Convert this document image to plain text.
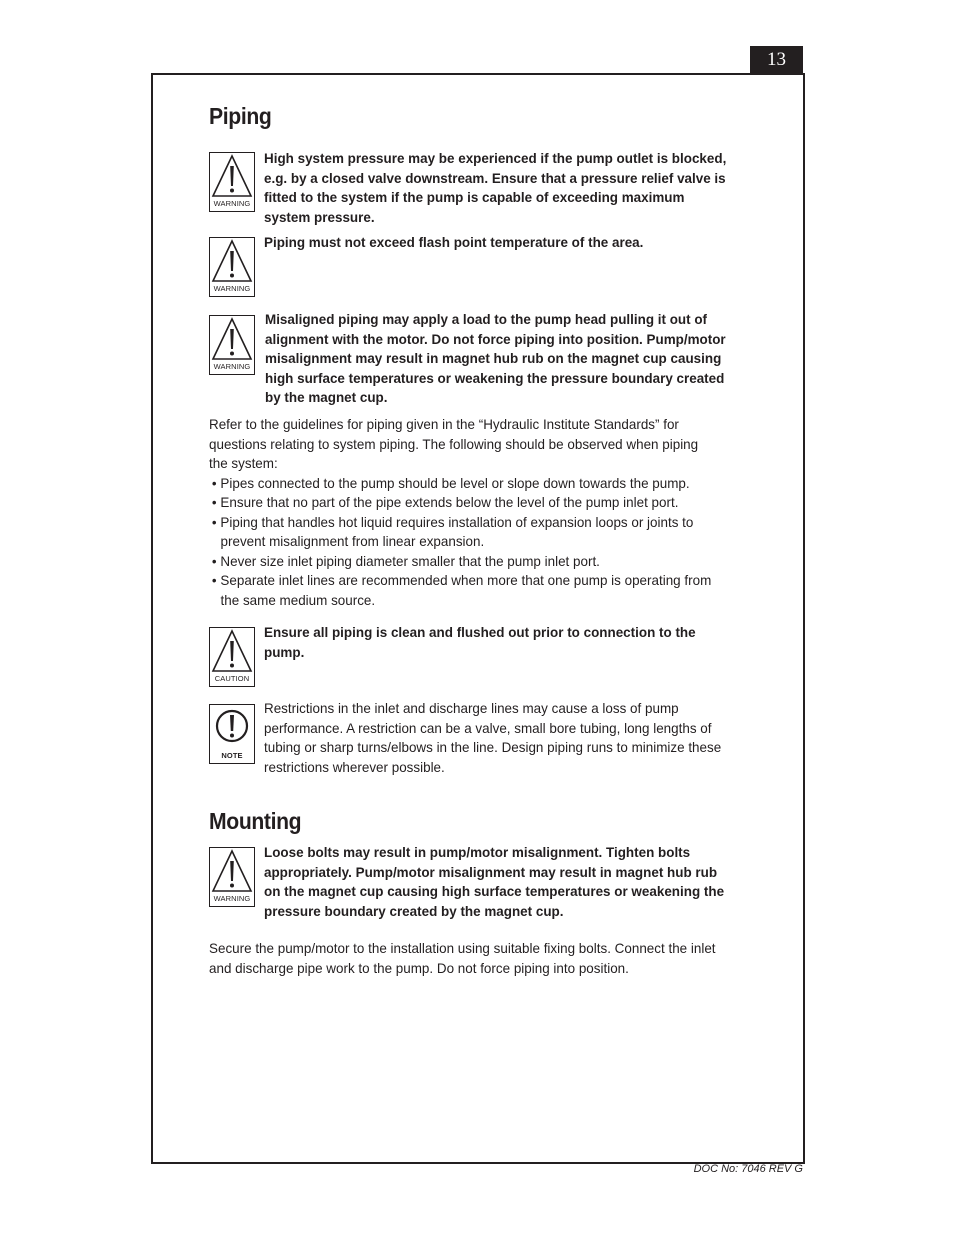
13
Piping
WARNING
High system pressure may be experienced if the pump outlet is blocked, e.g. by a closed valve downstream. Ensure that a pressure relief valve is fitted to the system if the pump is capable of exceeding maximum system pressure.
WARNING
Piping must not exceed flash point temperature of the area.
WARNING
Misaligned piping may apply a load to the pump head pulling it out of alignment with the motor. Do not force piping into position. Pump/motor misalignment may result in magnet hub rub on the magnet cup causing high surface temperatures or weakening the pressure boundary created by the magnet cup.
Refer to the guidelines for piping given in the “Hydraulic Institute Standards” for questions relating to system piping. The following should be observed when piping the system:
• Pipes connected to the pump should be level or slope down towards the pump.
• Ensure that no part of the pipe extends below the level of the pump inlet port.
• Piping that handles hot liquid requires installation of expansion loops or joints to prevent misalignment from linear expansion.
• Never size inlet piping diameter smaller that the pump inlet port.
• Separate inlet lines are recommended when more that one pump is operating from the same medium source.
CAUTION
Ensure all piping is clean and flushed out prior to connection to the pump.
NOTE
Restrictions in the inlet and discharge lines may cause a loss of pump performance. A restriction can be a valve, small bore tubing, long lengths of tubing or sharp turns/elbows in the line. Design piping runs to minimize these restrictions wherever possible.
Mounting
WARNING
Loose bolts may result in pump/motor misalignment. Tighten bolts appropriately. Pump/motor misalignment may result in magnet hub rub on the magnet cup causing high surface temperatures or weakening the pressure boundary created by the magnet cup.
Secure the pump/motor to the installation using suitable fixing bolts. Connect the inlet and discharge pipe work to the pump. Do not force piping into position.
DOC No: 7046 REV G
